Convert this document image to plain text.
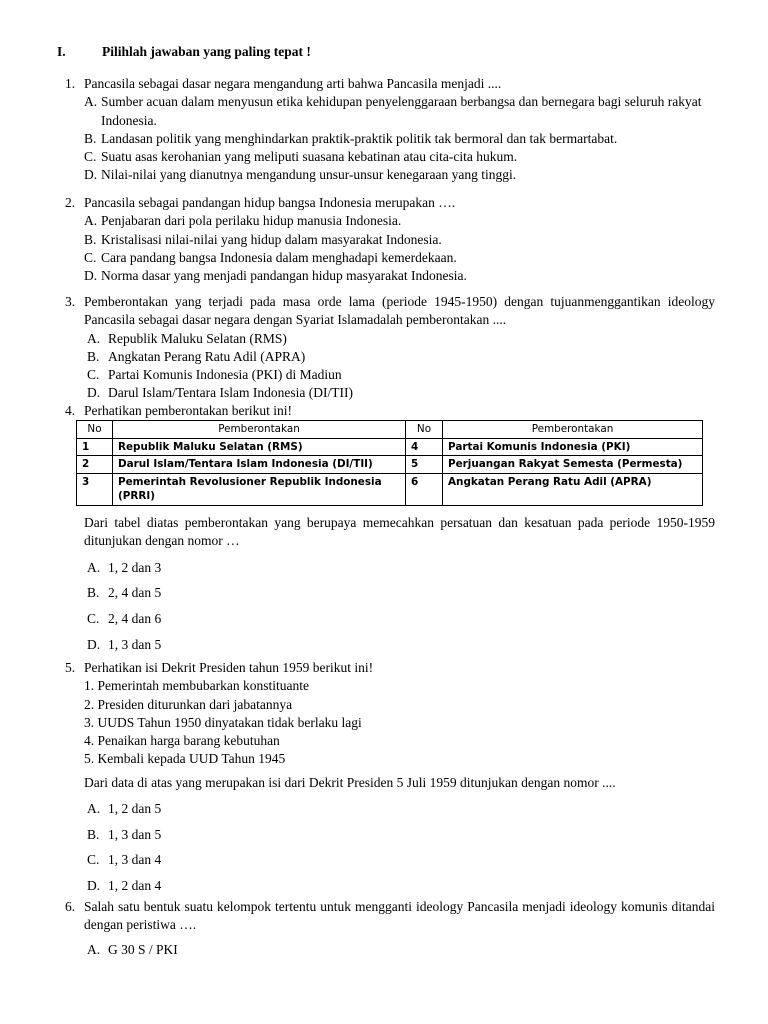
I.	Pilihlah jawaban yang paling tepat !
1. Pancasila sebagai dasar negara mengandung arti bahwa Pancasila menjadi ....
A. Sumber acuan dalam menyusun etika kehidupan penyelenggaraan berbangsa dan bernegara bagi seluruh rakyat Indonesia.
B. Landasan politik yang menghindarkan praktik-praktik politik tak bermoral dan tak bermartabat.
C. Suatu asas kerohanian yang meliputi suasana kebatinan atau cita-cita hukum.
D. Nilai-nilai yang dianutnya mengandung unsur-unsur kenegaraan yang tinggi.
2. Pancasila sebagai pandangan hidup bangsa Indonesia merupakan ….
A. Penjabaran dari pola perilaku hidup manusia Indonesia.
B. Kristalisasi nilai-nilai yang hidup dalam masyarakat Indonesia.
C. Cara pandang bangsa Indonesia dalam menghadapi kemerdekaan.
D. Norma dasar yang menjadi pandangan hidup masyarakat Indonesia.
3. Pemberontakan yang terjadi pada masa orde lama (periode 1945-1950) dengan tujuanmenggantikan ideology Pancasila sebagai dasar negara dengan Syariat Islamadalah pemberontakan ....
A. Republik Maluku Selatan (RMS)
B. Angkatan Perang Ratu Adil (APRA)
C. Partai Komunis Indonesia (PKI) di Madiun
D. Darul Islam/Tentara Islam Indonesia (DI/TII)
4. Perhatikan pemberontakan berikut ini!
No	Pemberontakan	No	Pemberontakan
1	Republik Maluku Selatan (RMS)	4	Partai Komunis Indonesia (PKI)
2	Darul Islam/Tentara Islam Indonesia (DI/TII)	5	Perjuangan Rakyat Semesta (Permesta)
3	Pemerintah Revolusioner Republik Indonesia (PRRI)	6	Angkatan Perang Ratu Adil (APRA)
Dari tabel diatas pemberontakan yang berupaya memecahkan persatuan dan kesatuan pada periode 1950-1959 ditunjukan dengan nomor …
A. 1, 2 dan 3
B. 2, 4 dan 5
C. 2, 4 dan 6
D. 1, 3 dan 5
5. Perhatikan isi Dekrit Presiden tahun 1959 berikut ini!
1. Pemerintah membubarkan konstituante
2. Presiden diturunkan dari jabatannya
3. UUDS Tahun 1950 dinyatakan tidak berlaku lagi
4. Penaikan harga barang kebutuhan
5. Kembali kepada UUD Tahun 1945
Dari data di atas yang merupakan isi dari Dekrit Presiden 5 Juli 1959 ditunjukan dengan nomor ....
A. 1, 2 dan 5
B. 1, 3 dan 5
C. 1, 3 dan 4
D. 1, 2 dan 4
6. Salah satu bentuk suatu kelompok tertentu untuk mengganti ideology Pancasila menjadi ideology komunis ditandai dengan peristiwa ….
A. G 30 S / PKI
